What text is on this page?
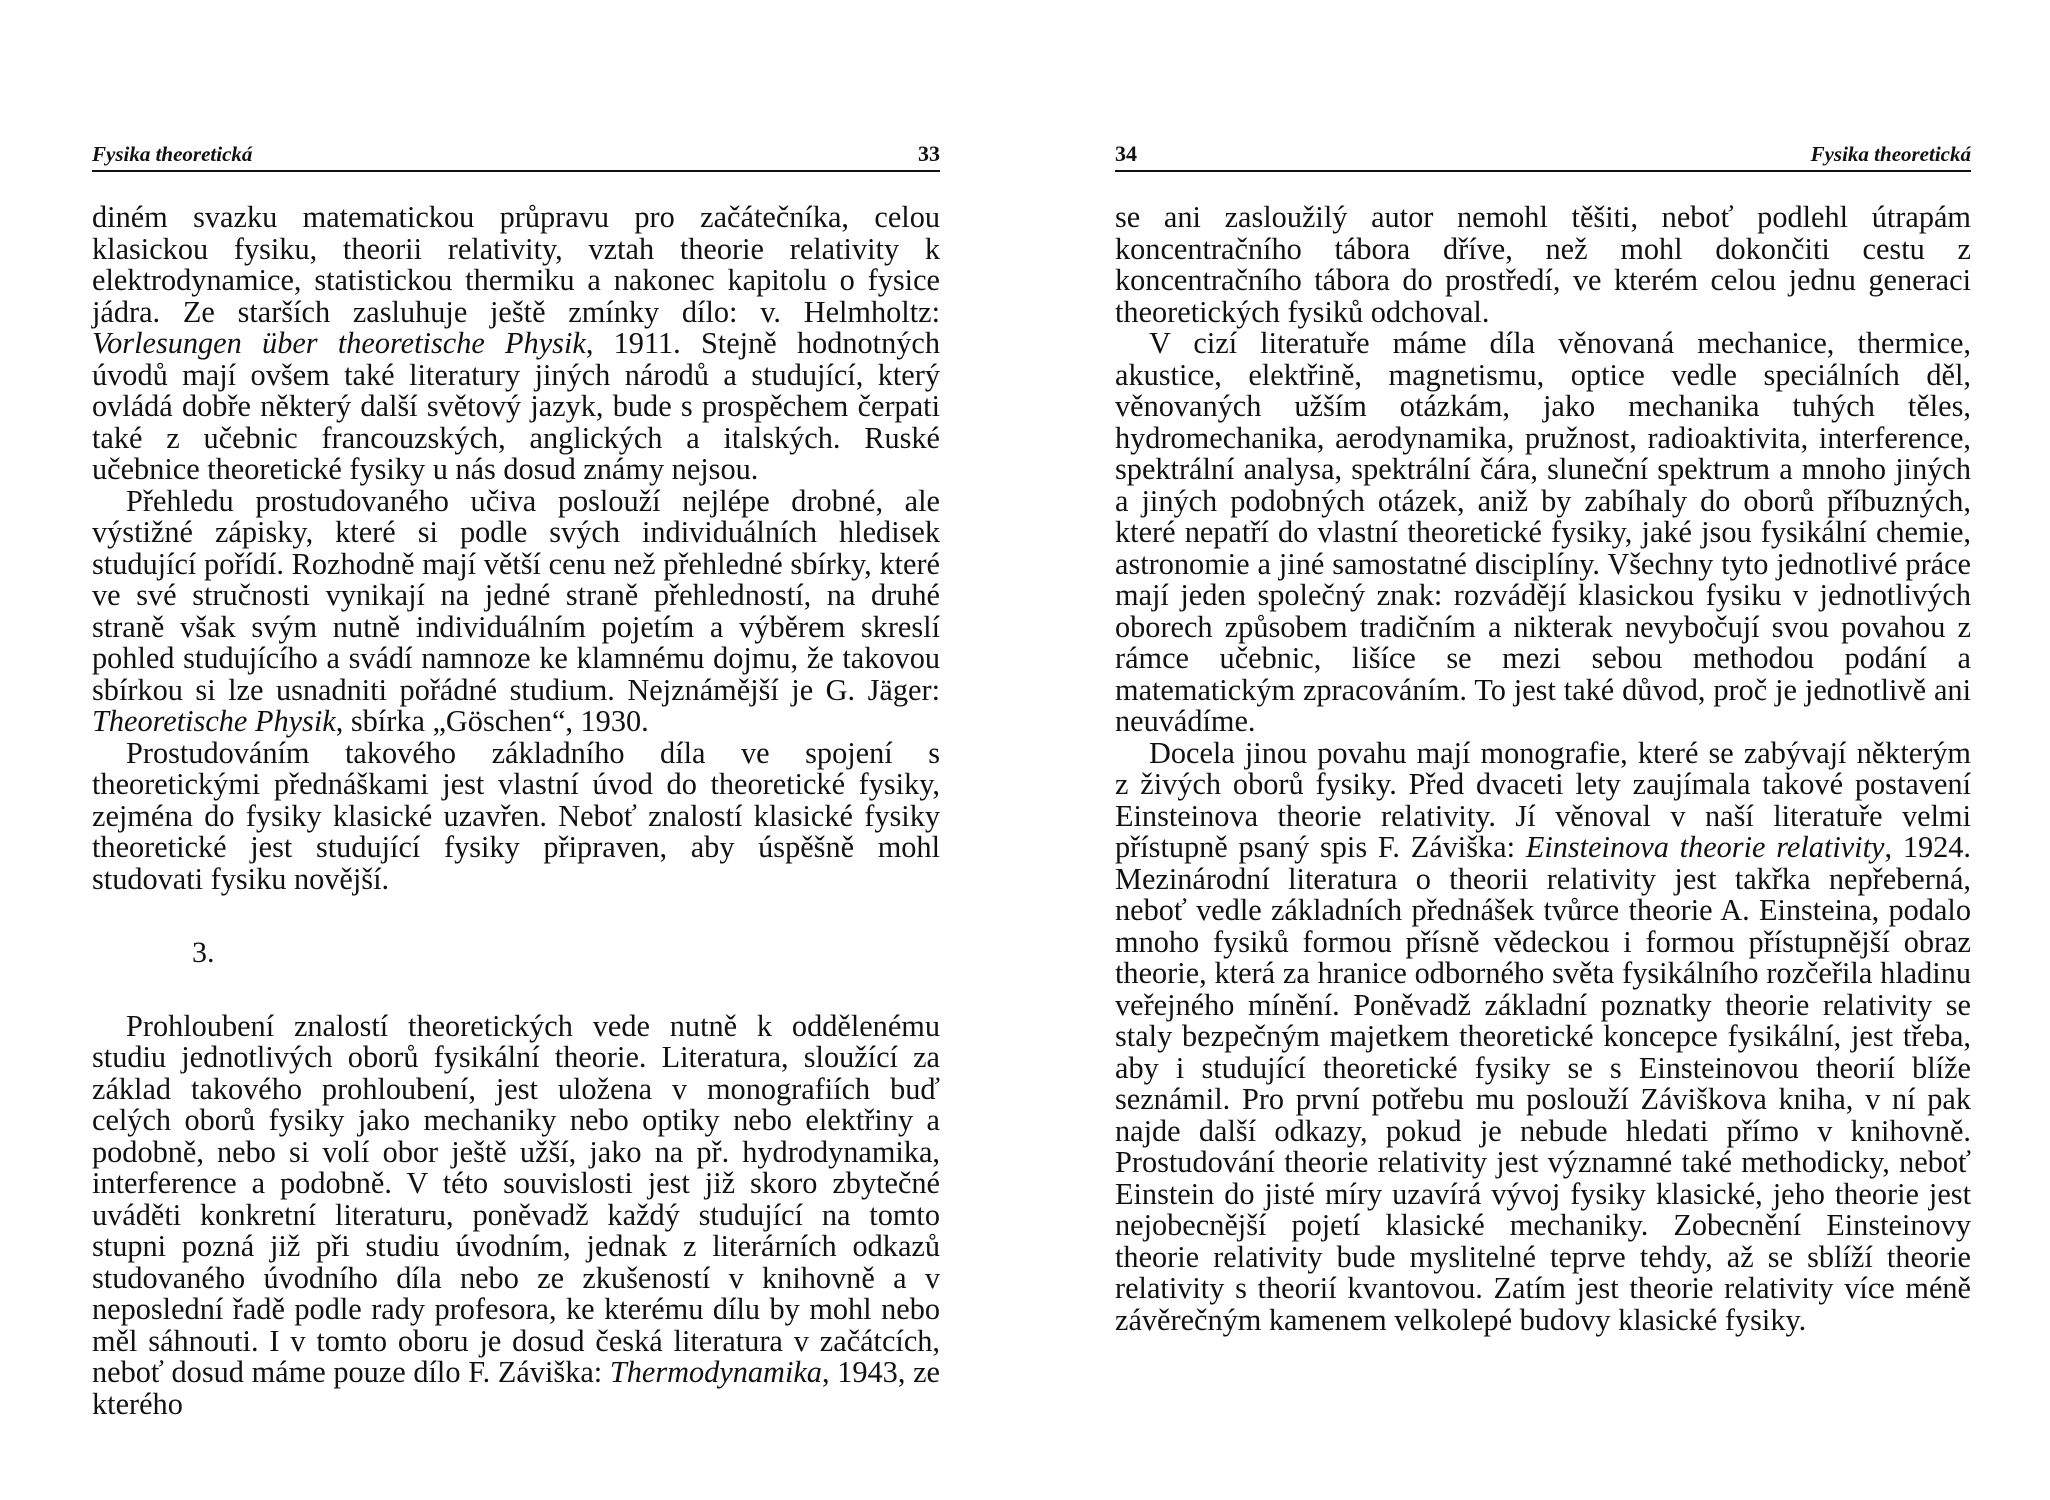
Fysika theoretická	33

diném svazku matematickou průpravu pro začátečníka, celou klasickou fysiku, theorii relativity, vztah theorie relativity k elektrodynamice, statistickou thermiku a nakonec kapitolu o fysice jádra. Ze starších zasluhuje ještě zmínky dílo: v. Helmholtz: Vorlesungen über theoretische Physik, 1911. Stejně hodnotných úvodů mají ovšem také literatury jiných národů a studující, který ovládá dobře některý další světový jazyk, bude s prospěchem čerpati také z učebnic francouzských, anglických a italských. Ruské učebnice theoretické fysiky u nás dosud známy nejsou.

Přehledu prostudovaného učiva poslouží nejlépe drobné, ale výstižné zápisky, které si podle svých individuálních hledisek studující pořídí. Rozhodně mají větší cenu než přehledné sbírky, které ve své stručnosti vynikají na jedné straně přehledností, na druhé straně však svým nutně individuálním pojetím a výběrem skreslí pohled studujícího a svádí namnoze ke klamnému dojmu, že takovou sbírkou si lze usnadniti pořádné studium. Nejznámější je G. Jäger: Theoretische Physik, sbírka „Göschen“, 1930.

Prostudováním takového základního díla ve spojení s theoretickými přednáškami jest vlastní úvod do theoretické fysiky, zejména do fysiky klasické uzavřen. Neboť znalostí klasické fysiky theoretické jest studující fysiky připraven, aby úspěšně mohl studovati fysiku novější.

3.

Prohloubení znalostí theoretických vede nutně k oddělenému studiu jednotlivých oborů fysikální theorie. Literatura, sloužící za základ takového prohloubení, jest uložena v monografiích buď celých oborů fysiky jako mechaniky nebo optiky nebo elektřiny a podobně, nebo si volí obor ještě užší, jako na př. hydrodynamika, interference a podobně. V této souvislosti jest již skoro zbytečné uváděti konkretní literaturu, poněvadž každý studující na tomto stupni pozná již při studiu úvodním, jednak z literárních odkazů studovaného úvodního díla nebo ze zkušeností v knihovně a v neposlední řadě podle rady profesora, ke kterému dílu by mohl nebo měl sáhnouti. I v tomto oboru je dosud česká literatura v začátcích, neboť dosud máme pouze dílo F. Záviška: Thermodynamika, 1943, ze kterého

34	Fysika theoretická

se ani zasloužilý autor nemohl těšiti, neboť podlehl útrapám koncentračního tábora dříve, než mohl dokončiti cestu z koncentračního tábora do prostředí, ve kterém celou jednu generaci theoretických fysiků odchoval.

V cizí literatuře máme díla věnovaná mechanice, thermice, akustice, elektřině, magnetismu, optice vedle speciálních děl, věnovaných užším otázkám, jako mechanika tuhých těles, hydromechanika, aerodynamika, pružnost, radioaktivita, interference, spektrální analysa, spektrální čára, sluneční spektrum a mnoho jiných a jiných podobných otázek, aniž by zabíhaly do oborů příbuzných, které nepatří do vlastní theoretické fysiky, jaké jsou fysikální chemie, astronomie a jiné samostatné disciplíny. Všechny tyto jednotlivé práce mají jeden společný znak: rozvádějí klasickou fysiku v jednotlivých oborech způsobem tradičním a nikterak nevybočují svou povahou z rámce učebnic, lišíce se mezi sebou methodou podání a matematickým zpracováním. To jest také důvod, proč je jednotlivě ani neuvádíme.

Docela jinou povahu mají monografie, které se zabývají některým z živých oborů fysiky. Před dvaceti lety zaujímala takové postavení Einsteinova theorie relativity. Jí věnoval v naší literatuře velmi přístupně psaný spis F. Záviška: Einsteinova theorie relativity, 1924. Mezinárodní literatura o theorii relativity jest takřka nepřeberná, neboť vedle základních přednášek tvůrce theorie A. Einsteina, podalo mnoho fysiků formou přísně vědeckou i formou přístupnější obraz theorie, která za hranice odborného světa fysikálního rozčeřila hladinu veřejného mínění. Poněvadž základní poznatky theorie relativity se staly bezpečným majetkem theoretické koncepce fysikální, jest třeba, aby i studující theoretické fysiky se s Einsteinovou theorií blíže seznámil. Pro první potřebu mu poslouží Záviškova kniha, v ní pak najde další odkazy, pokud je nebude hledati přímo v knihovně. Prostudování theorie relativity jest významné také methodicky, neboť Einstein do jisté míry uzavírá vývoj fysiky klasické, jeho theorie jest nejobecnější pojetí klasické mechaniky. Zobecnění Einsteinovy theorie relativity bude myslitelné teprve tehdy, až se sblíží theorie relativity s theorií kvantovou. Zatím jest theorie relativity více méně závěrečným kamenem velkolepé budovy klasické fysiky.
